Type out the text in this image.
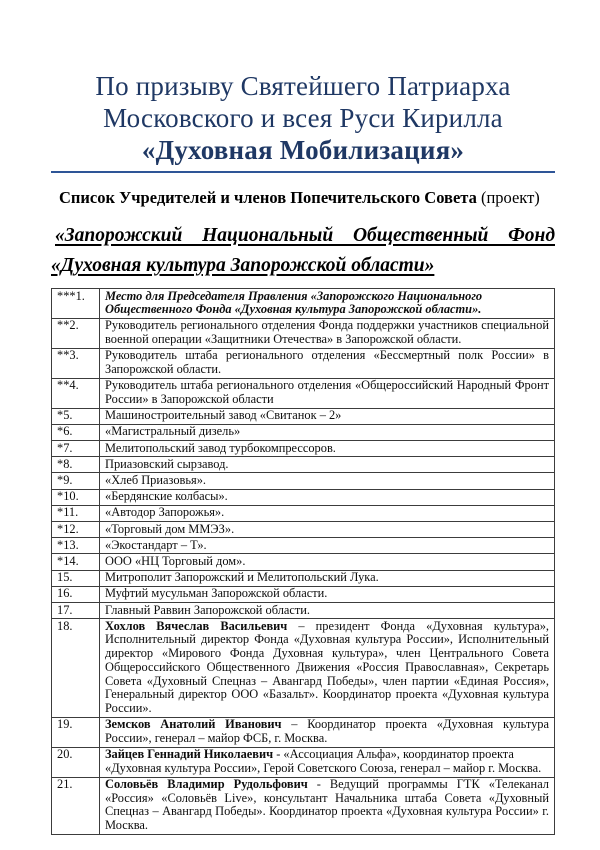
По призыву Святейшего Патриарха
Московского и всея Руси Кирилла
«Духовная Мобилизация»
Список Учредителей и членов Попечительского Совета (проект)
«Запорожский Национальный Общественный Фонд
«Духовная культура Запорожской области»
***1.	Место для Председателя Правления «Запорожского Национального Общественного Фонда «Духовная культура Запорожской области».
**2.	Руководитель регионального отделения Фонда поддержки участников специальной военной операции «Защитники Отечества» в Запорожской области.
**3.	Руководитель штаба регионального отделения «Бессмертный полк России» в Запорожской области.
**4.	Руководитель штаба регионального отделения «Общероссийский Народный Фронт России» в Запорожской области
*5.	Машиностроительный завод «Свитанок – 2»
*6.	«Магистральный дизель»
*7.	Мелитопольский завод турбокомпрессоров.
*8.	Приазовский сырзавод.
*9.	«Хлеб Приазовья».
*10.	«Бердянские колбасы».
*11.	«Автодор Запорожья».
*12.	«Торговый дом ММЭЗ».
*13.	«Экостандарт – Т».
*14.	ООО «НЦ Торговый дом».
15.	Митрополит Запорожский и Мелитопольский Лука.
16.	Муфтий мусульман Запорожской области.
17.	Главный Раввин Запорожской области.
18.	Хохлов Вячеслав Васильевич – президент Фонда «Духовная культура», Исполнительный директор Фонда «Духовная культура России», Исполнительный директор «Мирового Фонда Духовная культура», член Центрального Совета Общероссийского Общественного Движения «Россия Православная», Секретарь Совета «Духовный Спецназ – Авангард Победы», член партии «Единая Россия», Генеральный директор ООО «Базальт». Координатор проекта «Духовная культура России».
19.	Земсков Анатолий Иванович – Координатор проекта «Духовная культура России», генерал – майор ФСБ, г. Москва.
20.	Зайцев Геннадий Николаевич - «Ассоциация Альфа», координатор проекта «Духовная культура России», Герой Советского Союза, генерал – майор г. Москва.
21.	Соловьёв Владимир Рудольфович - Ведущий программы ГТК «Телеканал «Россия» «Соловьёв Live», консультант Начальника штаба Совета «Духовный Спецназ – Авангард Победы». Координатор проекта «Духовная культура России» г. Москва.
